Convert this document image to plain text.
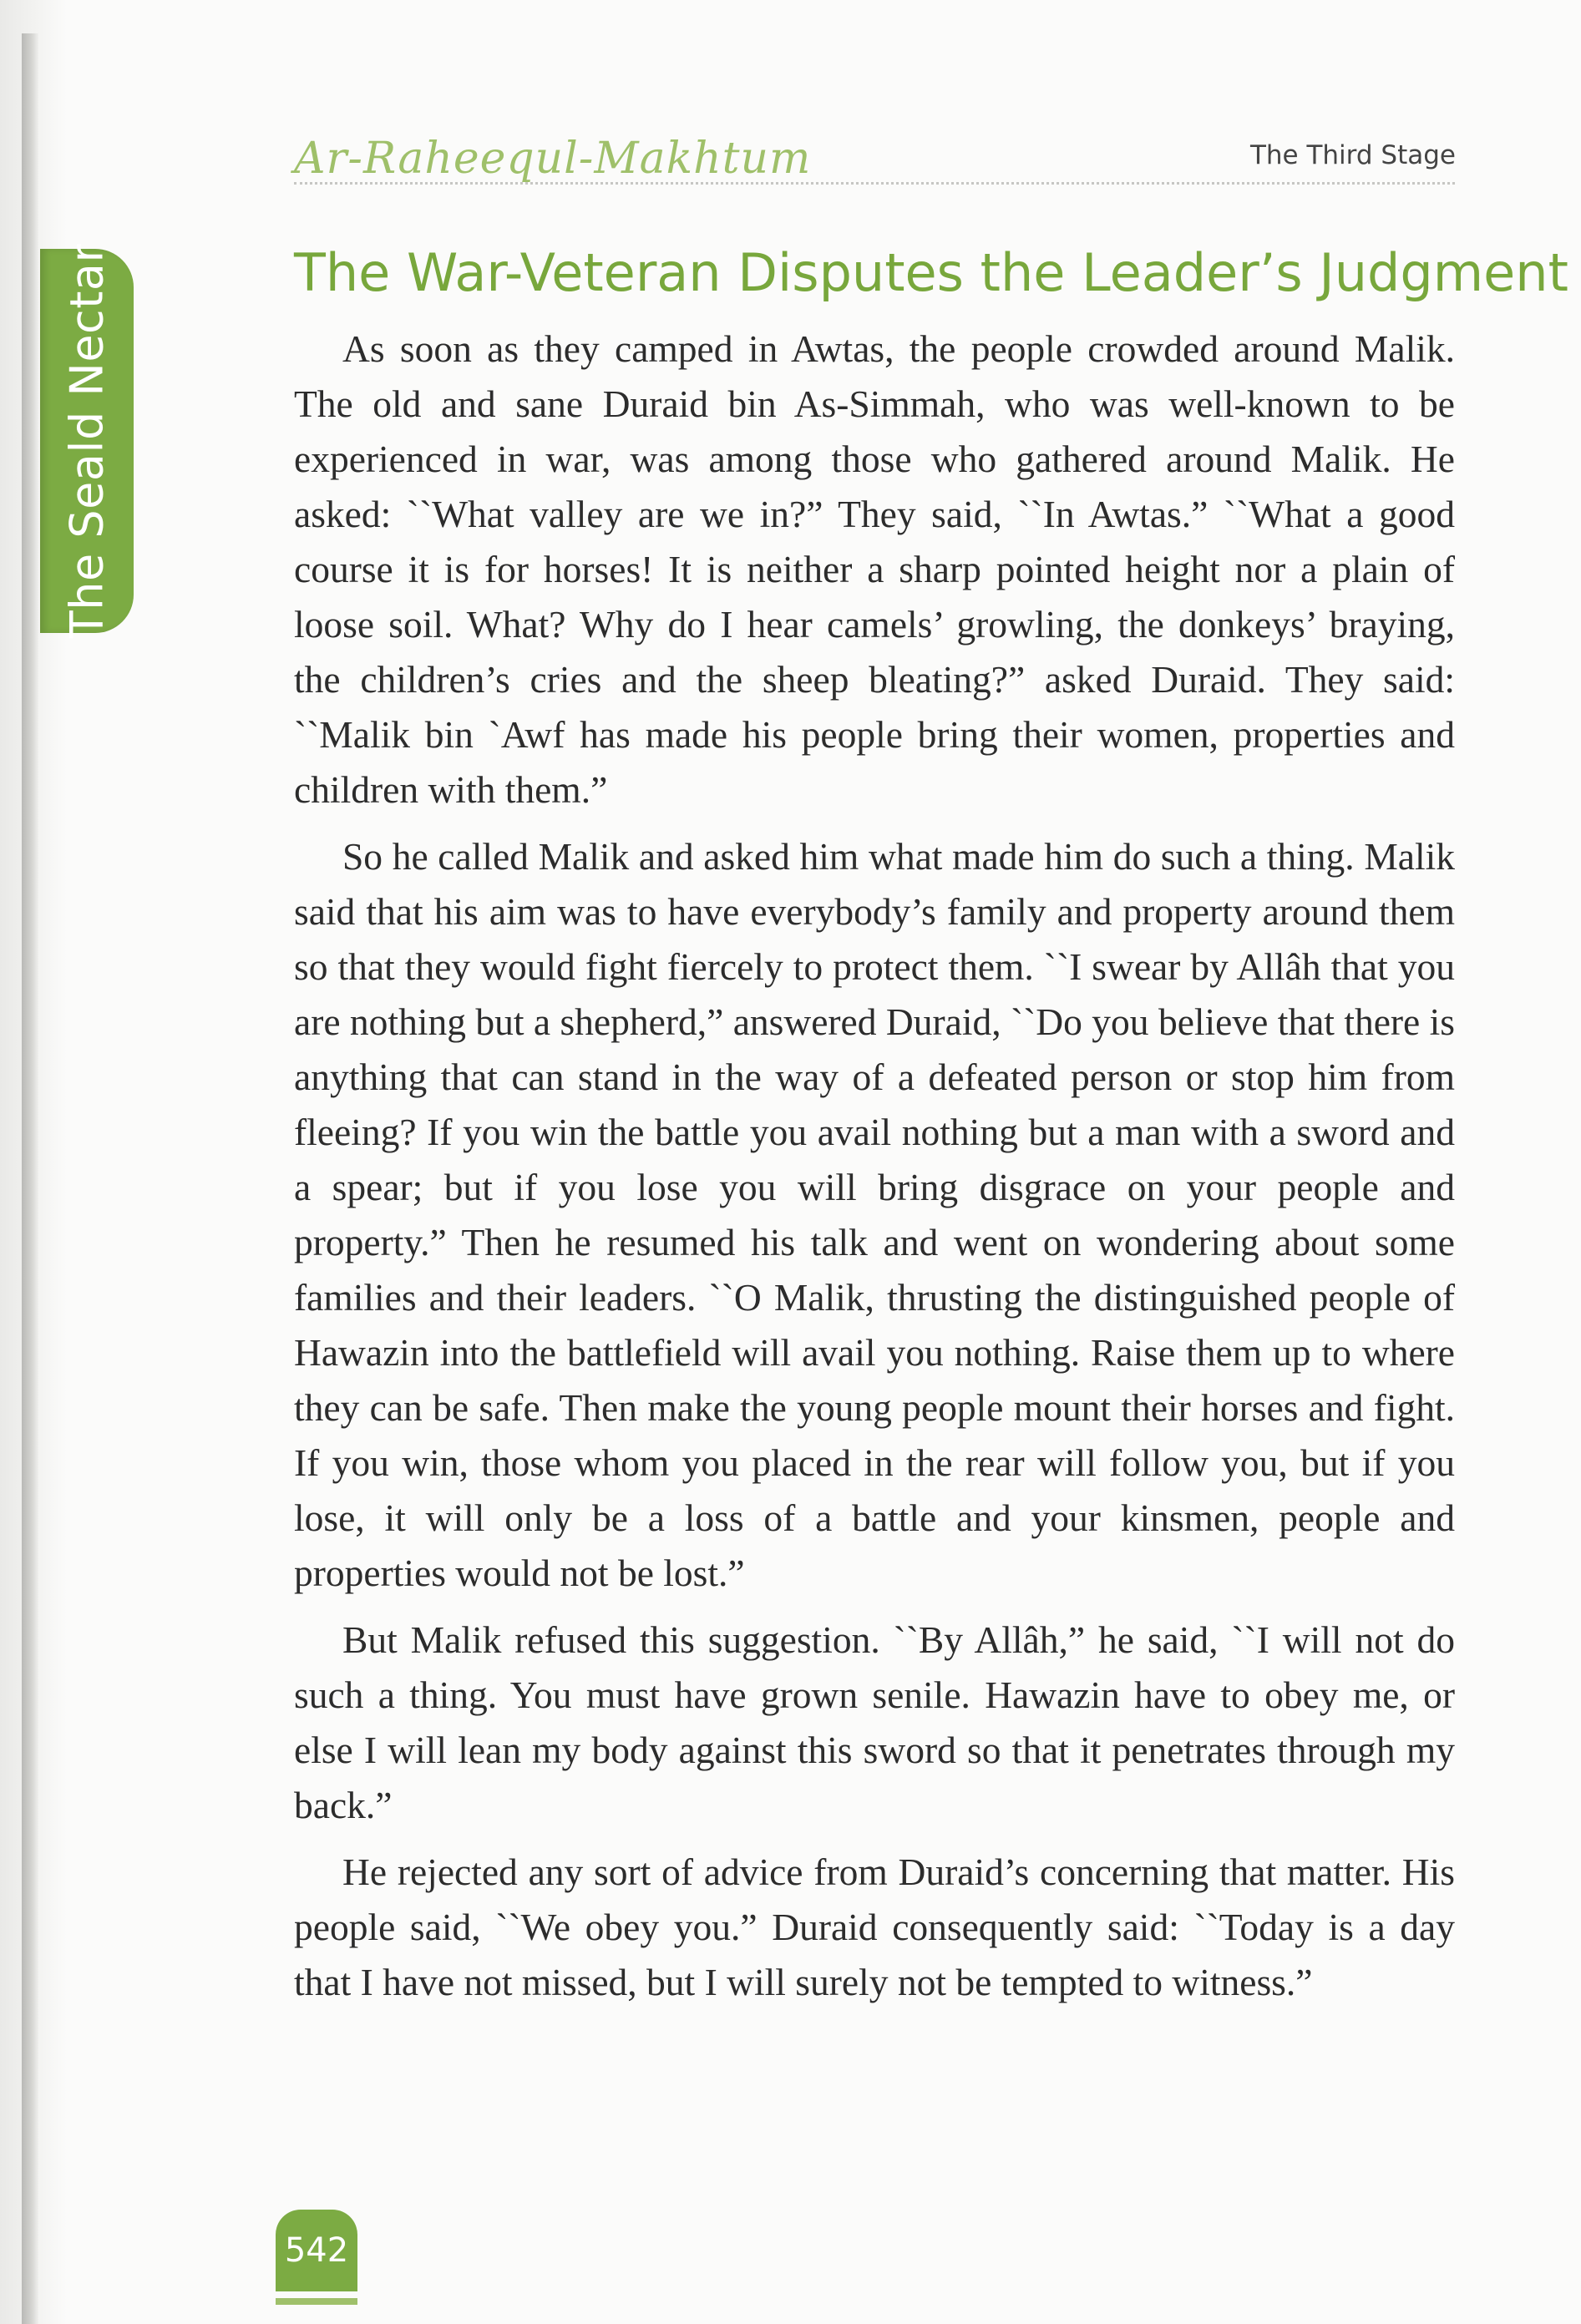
The Seald Nectar
Ar-Raheequl-Makhtum	The Third Stage
The War-Veteran Disputes the Leader’s Judgment

As soon as they camped in Awtas, the people crowded around Malik. The old and sane Duraid bin As-Simmah, who was well-known to be experienced in war, was among those who gathered around Malik. He asked: ``What valley are we in?” They said, ``In Awtas.” ``What a good course it is for horses! It is neither a sharp pointed height nor a plain of loose soil. What? Why do I hear camels’ growling, the donkeys’ braying, the children’s cries and the sheep bleating?” asked Duraid. They said: ``Malik bin `Awf has made his people bring their women, properties and children with them.”

So he called Malik and asked him what made him do such a thing. Malik said that his aim was to have everybody’s family and property around them so that they would fight fiercely to protect them. ``I swear by Allâh that you are nothing but a shepherd,” answered Duraid, ``Do you believe that there is anything that can stand in the way of a defeated person or stop him from fleeing? If you win the battle you avail nothing but a man with a sword and a spear; but if you lose you will bring disgrace on your people and property.” Then he resumed his talk and went on wondering about some families and their leaders. ``O Malik, thrusting the distinguished people of Hawazin into the battlefield will avail you nothing. Raise them up to where they can be safe. Then make the young people mount their horses and fight. If you win, those whom you placed in the rear will follow you, but if you lose, it will only be a loss of a battle and your kinsmen, people and properties would not be lost.”

But Malik refused this suggestion. ``By Allâh,” he said, ``I will not do such a thing. You must have grown senile. Hawazin have to obey me, or else I will lean my body against this sword so that it penetrates through my back.”

He rejected any sort of advice from Duraid’s concerning that matter. His people said, ``We obey you.” Duraid consequently said: ``Today is a day that I have not missed, but I will surely not be tempted to witness.”

542
